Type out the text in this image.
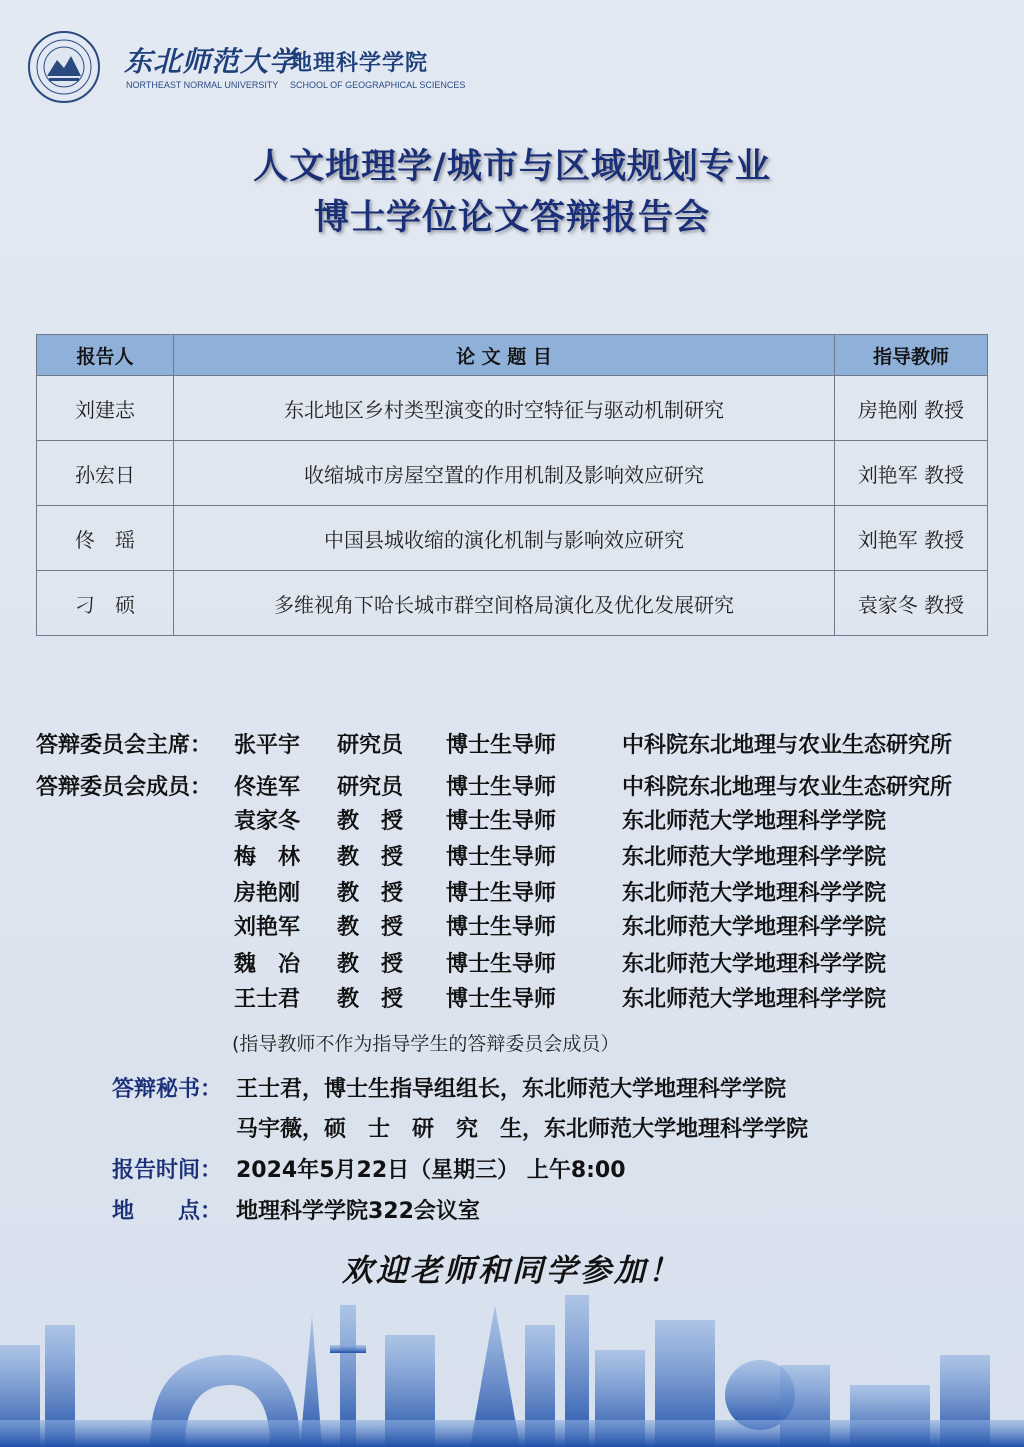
东北师范大学
地理科学学院
NORTHEAST NORMAL UNIVERSITY SCHOOL OF GEOGRAPHICAL SCIENCES
人文地理学/城市与区域规划专业
博士学位论文答辩报告会
报告人	论 文 题 目	指导教师
刘建志	东北地区乡村类型演变的时空特征与驱动机制研究	房艳刚 教授
孙宏日	收缩城市房屋空置的作用机制及影响效应研究	刘艳军 教授
佟　瑶	中国县城收缩的演化机制与影响效应研究	刘艳军 教授
刁　硕	多维视角下哈长城市群空间格局演化及优化发展研究	袁家冬 教授
答辩委员会主席： 张平宇 研究员 博士生导师	中科院东北地理与农业生态研究所
答辩委员会成员： 佟连军 研究员 博士生导师	中科院东北地理与农业生态研究所
袁家冬 教　授 博士生导师	东北师范大学地理科学学院
梅　林 教　授 博士生导师	东北师范大学地理科学学院
房艳刚 教　授 博士生导师	东北师范大学地理科学学院
刘艳军 教　授 博士生导师	东北师范大学地理科学学院
魏　冶 教　授 博士生导师	东北师范大学地理科学学院
王士君 教　授 博士生导师	东北师范大学地理科学学院
(指导教师不作为指导学生的答辩委员会成员）
答辩秘书： 王士君，博士生指导组组长，东北师范大学地理科学学院
马宇薇，硕　士　研　究　生，东北师范大学地理科学学院
报告时间： 2024年5月22日（星期三） 上午8:00
地　　点： 地理科学学院322会议室
欢迎老师和同学参加！
